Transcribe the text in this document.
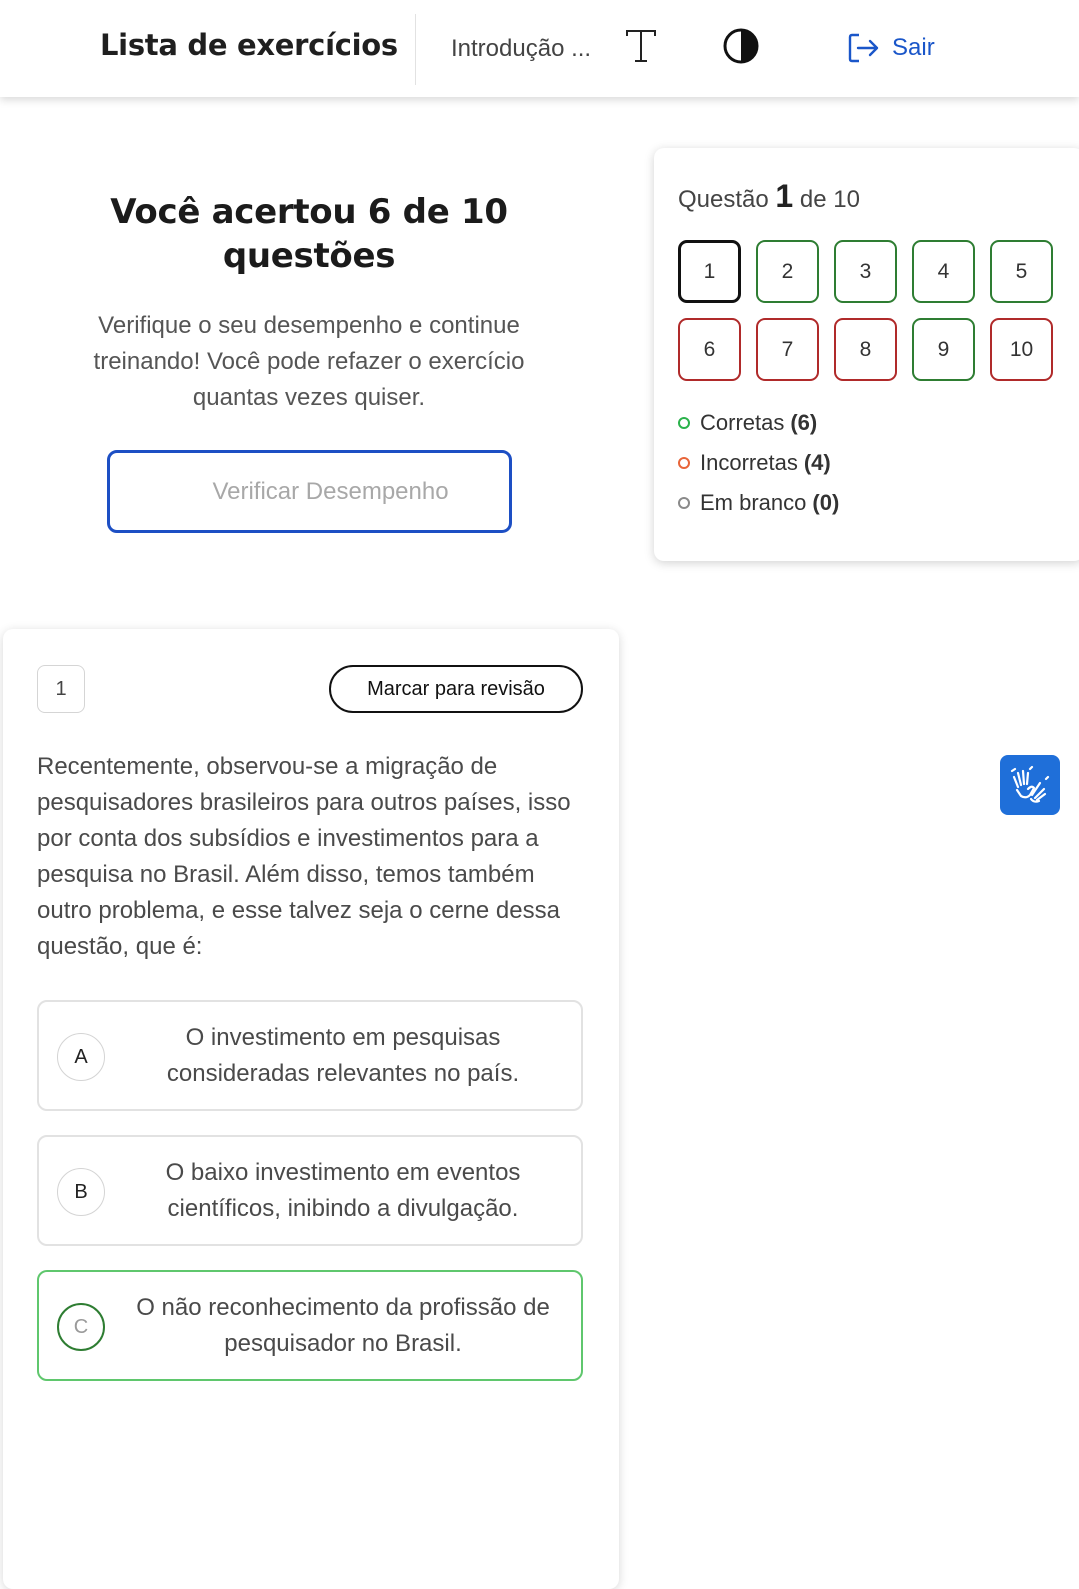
Lista de exercícios Introdução ...	Sair
Você acertou 6 de 10 questões

Verifique o seu desempenho e continue treinando! Você pode refazer o exercício quantas vezes quiser.

Verificar Desempenho
Questão 1 de 10
1	2	3	4	5
6	7	8	9	10
Corretas (6)
Incorretas (4)
Em branco (0)
1	Marcar para revisão
Recentemente, observou-se a migração de pesquisadores brasileiros para outros países, isso por conta dos subsídios e investimentos para a pesquisa no Brasil. Além disso, temos também outro problema, e esse talvez seja o cerne dessa questão, que é:
A
O investimento em pesquisas consideradas relevantes no país.
B
O baixo investimento em eventos científicos, inibindo a divulgação.
C
O não reconhecimento da profissão de pesquisador no Brasil.
